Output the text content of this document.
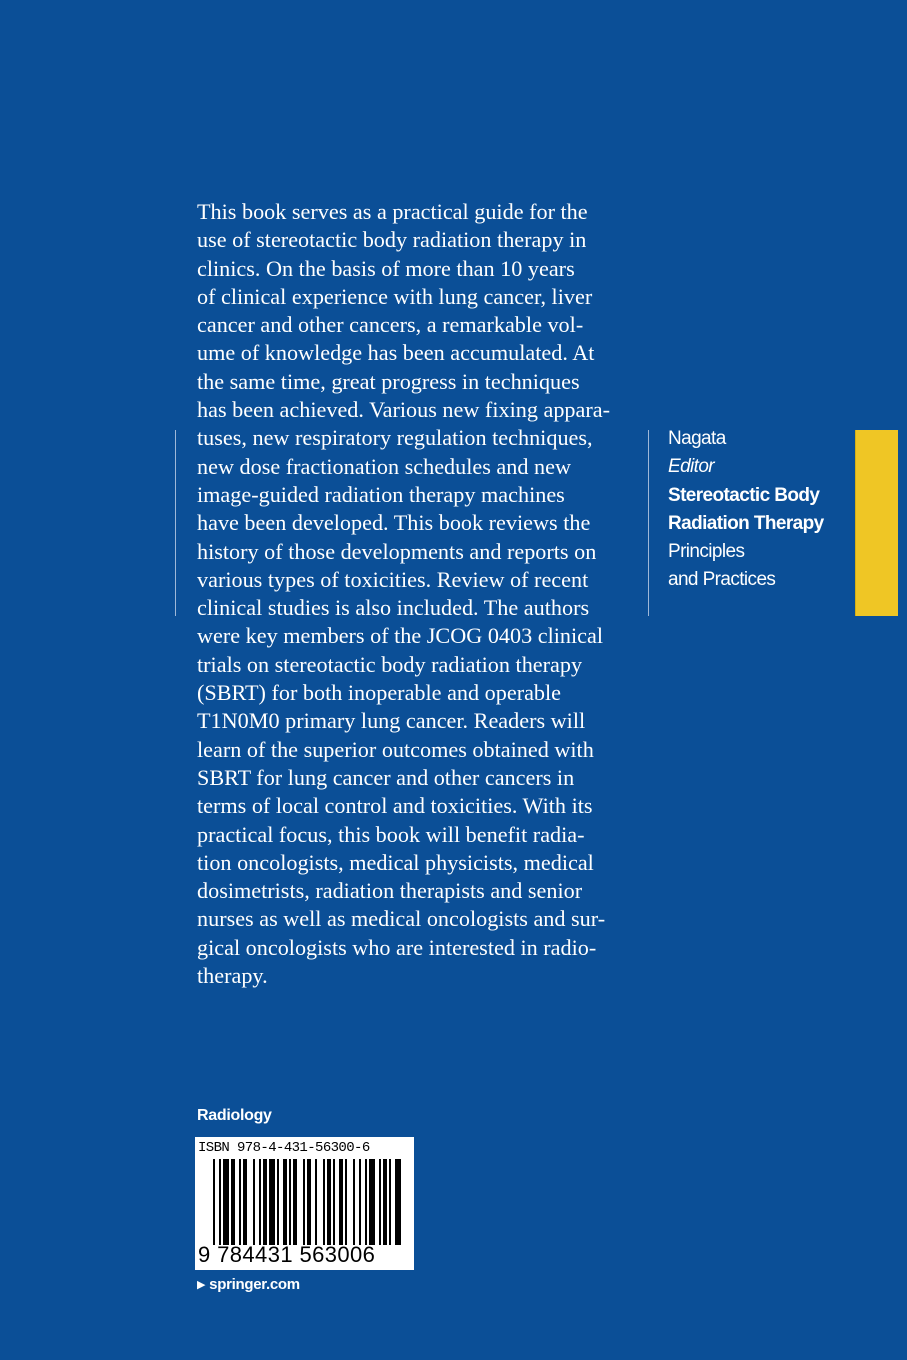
This book serves as a practical guide for the
use of stereotactic body radiation therapy in
clinics. On the basis of more than 10 years
of clinical experience with lung cancer, liver
cancer and other cancers, a remarkable vol-
ume of knowledge has been accumulated. At
the same time, great progress in techniques
has been achieved. Various new fixing appara-
tuses, new respiratory regulation techniques,
new dose fractionation schedules and new
image-guided radiation therapy machines
have been developed. This book reviews the
history of those developments and reports on
various types of toxicities. Review of recent
clinical studies is also included. The authors
were key members of the JCOG 0403 clinical
trials on stereotactic body radiation therapy
(SBRT) for both inoperable and operable
T1N0M0 primary lung cancer. Readers will
learn of the superior outcomes obtained with
SBRT for lung cancer and other cancers in
terms of local control and toxicities. With its
practical focus, this book will benefit radia-
tion oncologists, medical physicists, medical
dosimetrists, radiation therapists and senior
nurses as well as medical oncologists and sur-
gical oncologists who are interested in radio-
therapy.
Nagata
Editor
Stereotactic Body
Radiation Therapy
Principles
and Practices
Radiology
ISBN 978-4-431-56300-6
9 784431 563006
▶ springer.com
